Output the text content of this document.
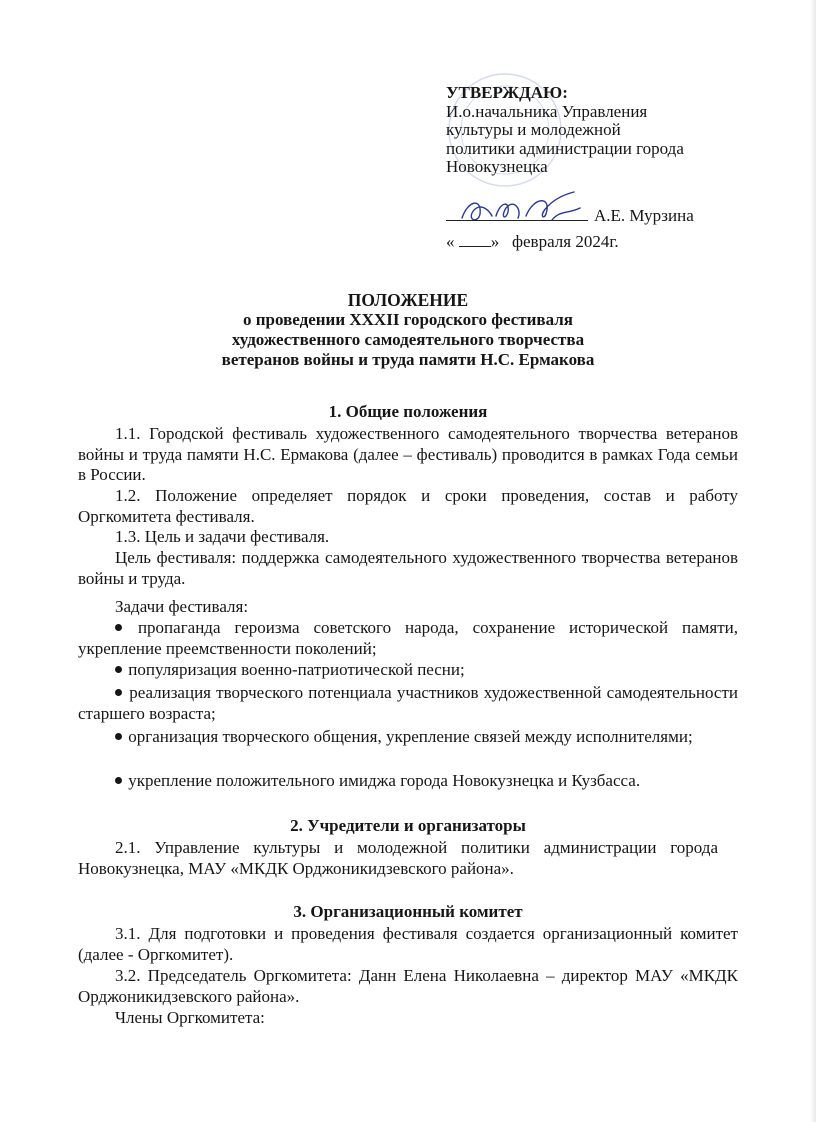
УТВЕРЖДАЮ:
И.о.начальника Управления
культуры и молодежной
политики администрации города
Новокузнецка
А.Е. Мурзина
« » февраля 2024г.
ПОЛОЖЕНИЕ
о проведении XXXII городского фестиваля
художественного самодеятельного творчества
ветеранов войны и труда памяти Н.С. Ермакова
1. Общие положения
1.1. Городской фестиваль художественного самодеятельного творчества ветеранов войны и труда памяти Н.С. Ермакова (далее – фестиваль) проводится в рамках Года семьи в России.
1.2. Положение определяет порядок и сроки проведения, состав и работу Оргкомитета фестиваля.
1.3. Цель и задачи фестиваля.
Цель фестиваля: поддержка самодеятельного художественного творчества ветеранов войны и труда.
Задачи фестиваля:
пропаганда героизма советского народа, сохранение исторической памяти, укрепление преемственности поколений;
популяризация военно-патриотической песни;
реализация творческого потенциала участников художественной самодеятельности старшего возраста;
организация творческого общения, укрепление связей между исполнителями;
укрепление положительного имиджа города Новокузнецка и Кузбасса.
2. Учредители и организаторы
2.1. Управление культуры и молодежной политики администрации города Новокузнецка, МАУ «МКДК Орджоникидзевского района».
3. Организационный комитет
3.1. Для подготовки и проведения фестиваля создается организационный комитет (далее - Оргкомитет).
3.2. Председатель Оргкомитета: Данн Елена Николаевна – директор МАУ «МКДК Орджоникидзевского района».
Члены Оргкомитета:
